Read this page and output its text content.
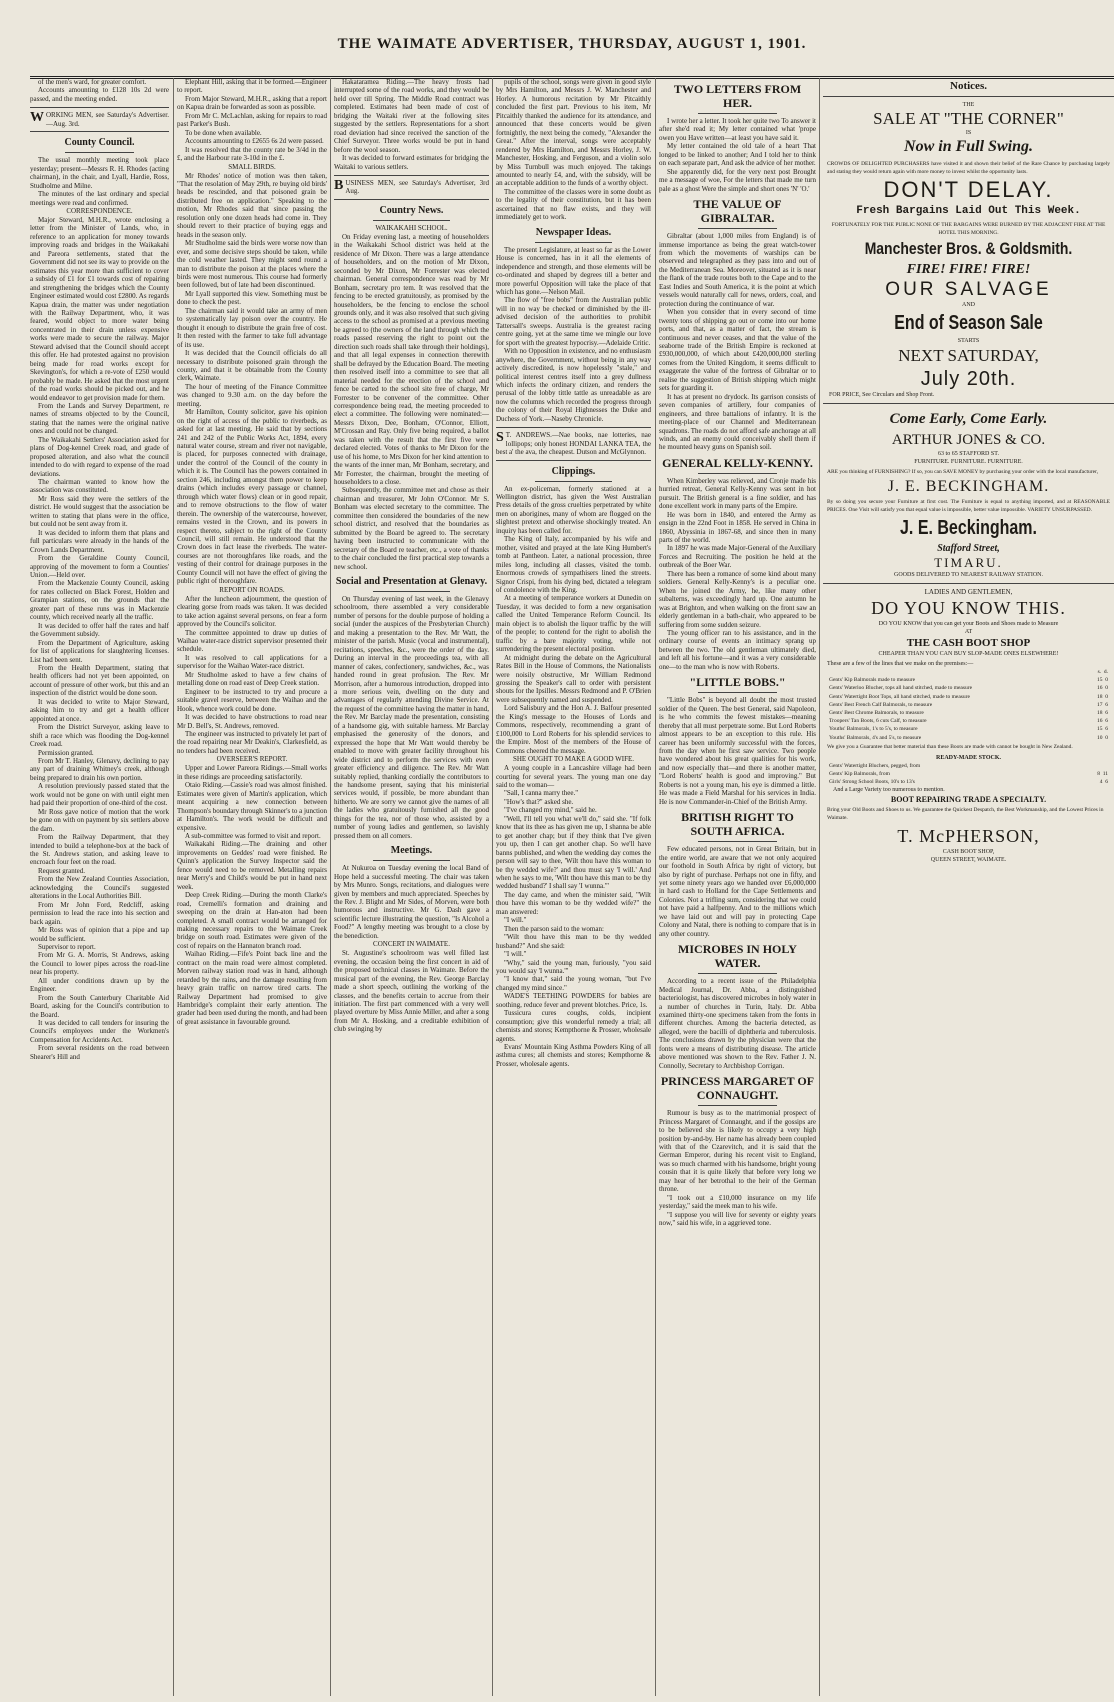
THE WAIMATE ADVERTISER, THURSDAY, AUGUST 1, 1901.
of the men's ward, for greater comfort.
Accounts amounting to £128 10s 2d were passed, and the meeting ended.
WORKING MEN, see Saturday's Advertiser.—Aug. 3rd.
County Council.
The usual monthly meeting took place yesterday; present—Messrs R. H. Rhodes (acting chairman), in the chair, and Lyall, Hardie, Ross, Studholme and Milne.
The minutes of the last ordinary and special meetings were read and confirmed.
CORRESPONDENCE.
Major Steward, M.H.R., wrote enclosing a letter from the Minister of Lands, who, in reference to an application for money towards improving roads and bridges in the Waikakahi and Pareora settlements, stated that the Government did not see its way to provide on the estimates this year more than sufficient to cover a subsidy of £1 for £1 towards cost of repairing and strengthening the bridges which the County Engineer estimated would cost £2800. As regards Kapua drain, the matter was under negotiation with the Railway Department, who, it was feared, would object to more water being concentrated in their drain unless expensive works were made to secure the railway. Major Steward advised that the Council should accept this offer. He had protested against no provision being made for road works except for Skevington's, for which a re-vote of £250 would probably be made. He asked that the most urgent of the road works should be picked out, and he would endeavor to get provision made for them.
From the Lands and Survey Department, re names of streams objected to by the Council, stating that the names were the original native ones and could not be changed.
The Waikakahi Settlers' Association asked for plans of Dog-kennel Creek road, and grade of proposed alteration, and also what the council intended to do with regard to expense of the road deviations.
The chairman wanted to know how the association was constituted.
Mr Ross said they were the settlers of the district. He would suggest that the association be written to stating that plans were in the office, but could not be sent away from it.
It was decided to inform them that plans and full particulars were already in the hands of the Crown Lands Department.
From the Geraldine County Council, approving of the movement to form a Counties' Union.—Held over.
From the Mackenzie County Council, asking for rates collected on Black Forest, Holden and Grampian stations, on the grounds that the greater part of these runs was in Mackenzie county, which received nearly all the traffic.
It was decided to offer half the rates and half the Government subsidy.
From the Department of Agriculture, asking for list of applications for slaughtering licenses. List had been sent.
From the Health Department, stating that health officers had not yet been appointed, on account of pressure of other work, but this and an inspection of the district would be done soon.
It was decided to write to Major Steward, asking him to try and get a health officer appointed at once.
From the District Surveyor, asking leave to shift a race which was flooding the Dog-kennel Creek road.
Permission granted.
From Mr T. Hanley, Glenavy, declining to pay any part of draining Whitney's creek, although being prepared to drain his own portion.
A resolution previously passed stated that the work would not be gone on with until eight men had paid their proportion of one-third of the cost.
Mr Ross gave notice of motion that the work be gone on with on payment by six settlers above the dam.
From the Railway Department, that they intended to build a telephone-box at the back of the St. Andrews station, and asking leave to encroach four feet on the road.
Request granted.
From the New Zealand Counties Association, acknowledging the Council's suggested alterations in the Local Authorities Bill.
From Mr John Ford, Redcliff, asking permission to lead the race into his section and back again.
Mr Ross was of opinion that a pipe and tap would be sufficient.
Supervisor to report.
From Mr G. A. Morris, St Andrews, asking the Council to lower pipes across the road-line near his property.
All under conditions drawn up by the Engineer.
From the South Canterbury Charitable Aid Board, asking for the Council's contribution to the Board.
It was decided to call tenders for insuring the Council's employees under the Workmen's Compensation for Accidents Act.
From several residents on the road between Shearer's Hill and
Elephant Hill, asking that it be formed.—Engineer to report.
From Major Steward, M.H.R., asking that a report on Kapua drain be forwarded as soon as possible.
From Mr C. McLachlan, asking for repairs to road past Parker's Bush.
To be done when available.
Accounts amounting to £2655 6s 2d were passed.
It was resolved that the county rate be 3/4d in the £, and the Harbour rate 3-10d in the £.
SMALL BIRDS.
Mr Rhodes' notice of motion was then taken, "That the resolation of May 29th, re buying old birds' heads be rescinded, and that poisoned grain be distributed free on application." Speaking to the motion, Mr Rhodes said that since passing the resolution only one dozen heads had come in. They should revert to their practice of buying eggs and heads in the season only.
Mr Studholme said the birds were worse now than ever, and some decisive steps should be taken, while the cold weather lasted. They might send round a man to distribute the poison at the places where the birds were most numerous. This course had formerly been followed, but of late had been discontinued.
Mr Lyall supported this view. Something must be done to check the pest.
The chairman said it would take an army of men to systematically lay poison over the country. He thought it enough to distribute the grain free of cost. It then rested with the farmer to take full advantage of its use.
It was decided that the Council officials do all necessary to distribute poisoned grain through the county, and that it be obtainable from the County clerk, Waimate.
The hour of meeting of the Finance Committee was changed to 9.30 a.m. on the day before the meeting.
Mr Hamilton, County solicitor, gave his opinion on the right of access of the public to riverbeds, as asked for at last meeting. He said that by sections 241 and 242 of the Public Works Act, 1894, every natural water course, stream and river not navigable, is placed, for purposes connected with drainage, under the control of the Council of the county in which it is. The Council has the powers contained in section 246, including amongst them power to keep drains (which includes every passage or channel, through which water flows) clean or in good repair, and to remove obstructions to the flow of water therein. The ownership of the watercourse, however, remains vested in the Crown, and its powers in respect thereto, subject to the right of the County Council, will still remain. He understood that the Crown does in fact lease the riverbeds. The water-courses are not thoroughfares like roads, and the vesting of their control for drainage purposes in the County Council will not have the effect of giving the public right of thoroughfare.
REPORT ON ROADS.
After the luncheon adjournment, the question of clearing gorse from roads was taken. It was decided to take action against several persons, on fear a form approved by the Council's solicitor.
The committee appointed to draw up duties of Waihao water-race district supervisor presented their schedule.
It was resolved to call applications for a supervisor for the Waihao Water-race district.
Mr Studholme asked to have a few chains of metalling done on road east of Deep Creek station.
Engineer to be instructed to try and procure a suitable gravel reserve, between the Waihao and the Hook, whence work could be done.
It was decided to have obstructions to road near Mr D. Bell's, St. Andrews, removed.
The engineer was instructed to privately let part of the road repairing near Mr Deakin's, Clarkesfield, as no tenders had been received.
OVERSEER'S REPORT.
Upper and Lower Pareora Ridings.—Small works in these ridings are proceeding satisfactorily.
Otaio Riding.—Cassie's road was almost finished. Estimates were given of Martin's application, which meant acquiring a new connection between Thompson's boundary through Skinner's to a junction at Hamilton's. The work would be difficult and expensive.
A sub-committee was formed to visit and report.
Waikakahi Riding.—The draining and other improvements on Geddes' road were finished. Re Quinn's application the Survey Inspector said the fence would need to be removed. Metalling repairs near Merry's and Child's would be put in hand next week.
Deep Creek Riding.—During the month Clarke's road, Cremelli's formation and draining and sweeping on the drain at Han-aton had been completed. A small contract would be arranged for making necessary repairs to the Waimate Creek bridge on south road. Estimates were given of the cost of repairs on the Hannaton branch road.
Waihao Riding.—Fife's Point back line and the contract on the main road were almost completed. Morven railway station road was in hand, although retarded by the rains, and the damage resulting from heavy grain traffic on narrow tired carts. The Railway Department had promised to give Hambridge's complaint their early attention. The grader had been used during the month, and had been of great assistance in favourable ground.
Hakataramea Riding.—The heavy frosts had interrupted some of the road works, and they would be held over till Spring. The Middle Road contract was completed. Estimates had been made of cost of bridging the Waitaki river at the following sites suggested by the settlers. Representations for a short road deviation had since received the sanction of the Chief Surveyor. Three works would be put in hand before the wool season.
It was decided to forward estimates for bridging the Waitaki to various settlers.
BUSINESS MEN, see Saturday's Advertiser, 3rd Aug.
Country News.
WAIKAKAHI SCHOOL.
On Friday evening last, a meeting of householders in the Waikakahi School district was held at the residence of Mr Dixon. There was a large attendance of householders, and on the motion of Mr Dixon, seconded by Mr Dixon, Mr Forrester was elected chairman. General correspondence was read by Mr Bonham, secretary pro tem. It was resolved that the fencing to be erected gratuitously, as promised by the householders, be the fencing to enclose the school grounds only, and it was also resolved that such giving access to the school as promised at a previous meeting be agreed to (the owners of the land through which the roads passed reserving the right to point out the direction such roads shall take through their holdings), and that all legal expenses in connection therewith shall be defrayed by the Education Board. The meeting then resolved itself into a committee to see that all material needed for the erection of the school and fence be carted to the school site free of charge, Mr Forrester to be convener of the committee. Other correspondence being read, the meeting proceeded to elect a committee. The following were nominated:—Messrs Dixon, Dee, Bonham, O'Connor, Elliott, M'Crossan and Ray. Only five being required, a ballot was taken with the result that the first five were declared elected. Votes of thanks to Mr Dixon for the use of his home, to Mrs Dixon for her kind attention to the wants of the inner man, Mr Bonham, secretary, and Mr Forrester, the chairman, brought the meeting of householders to a close.
Subsequently, the committee met and chose as their chairman and treasurer, Mr John O'Connor. Mr S. Bonham was elected secretary to the committee. The committee then considered the boundaries of the new school district, and resolved that the boundaries as submitted by the Board be agreed to. The secretary having been instructed to communicate with the secretary of the Board re teacher, etc., a vote of thanks to the chair concluded the first practical step towards a new school.
Social and Presentation at Glenavy.
On Thursday evening of last week, in the Glenavy schoolroom, there assembled a very considerable number of persons for the double purpose of holding a social (under the auspices of the Presbyterian Church) and making a presentation to the Rev. Mr Watt, the minister of the parish. Music (vocal and instrumental), recitations, speeches, &c., were the order of the day. During an interval in the proceedings tea, with all manner of cakes, confectionery, sandwiches, &c., was handed round in great profusion. The Rev. Mr Morrison, after a humorous introduction, dropped into a more serious vein, dwelling on the duty and advantages of regularly attending Divine Service. At the request of the committee having the matter in hand, the Rev. Mr Barclay made the presentation, consisting of a handsome gig, with suitable harness. Mr Barclay emphasised the generosity of the donors, and expressed the hope that Mr Watt would thereby be enabled to move with greater facility throughout his wide district and to perform the services with even greater efficiency and diligence. The Rev. Mr Watt suitably replied, thanking cordially the contributors to the handsome present, saying that his ministerial services would, if possible, be more abundant than hitherto. We are sorry we cannot give the names of all the ladies who gratuitously furnished all the good things for the tea, nor of those who, assisted by a number of young ladies and gentlemen, so lavishly pressed them on all comers.
Meetings.
At Nukuroa on Tuesday evening the local Band of Hope held a successful meeting. The chair was taken by Mrs Munro. Songs, recitations, and dialogues were given by members and much appreciated. Speeches by the Rev. J. Blight and Mr Sides, of Morven, were both humorous and instructive. Mr G. Dash gave a scientific lecture illustrating the question, "Is Alcohol a Food?" A lengthy meeting was brought to a close by the benediction.
CONCERT IN WAIMATE.
St. Augustine's schoolroom was well filled last evening, the occasion being the first concert in aid of the proposed technical classes in Waimate. Before the musical part of the evening, the Rev. George Barclay made a short speech, outlining the working of the classes, and the benefits certain to accrue from their initiation. The first part commenced with a very well played overture by Miss Annie Miller, and after a song from Mr A. Hosking, and a creditable exhibition of club swinging by
pupils of the school, songs were given in good style by Mrs Hamilton, and Messrs J. W. Manchester and Horley. A humorous recitation by Mr Pitcaithly concluded the first part. Previous to his item, Mr Pitcaithly thanked the audience for its attendance, and announced that these concerts would be given fortnightly, the next being the comedy, "Alexander the Great." After the interval, songs were acceptably rendered by Mrs Hamilton, and Messrs Horley, J. W. Manchester, Hosking, and Ferguson, and a violin solo by Miss Turnbull was much enjoyed. The takings amounted to nearly £4, and, with the subsidy, will be an acceptable addition to the funds of a worthy object.
The committee of the classes were in some doubt as to the legality of their constitution, but it has been ascertained that no flaw exists, and they will immediately get to work.
Newspaper Ideas.
The present Legislature, at least so far as the Lower House is concerned, has in it all the elements of independence and strength, and those elements will be co-ordinated and shaped by degrees till a better and more powerful Opposition will take the place of that which has gone.—Nelson Mail.
The flow of "free bobs" from the Australian public will in no way be checked or diminished by the ill-advised decision of the authorities to prohibit Tattersall's sweeps. Australia is the greatest racing centre going, yet at the same time we mingle our love for sport with the greatest hypocrisy.—Adelaide Critic.
With no Opposition in existence, and no enthusiasm anywhere, the Government, without being in any way actively discredited, is now hopelessly "stale," and political interest centres itself into a grey dullness which infects the ordinary citizen, and renders the perusal of the lobby tittle tattle as unreadable as are now the columns which recorded the progress through the colony of their Royal Highnesses the Duke and Duchess of York.—Naseby Chronicle.
S T. ANDREWS.—Nae books, nae lotteries, nae lollipops; only honest HONDAI LANKA TEA, the best a' the ava, the cheapest. Dutson and McGlynnon.
Clippings.
An ex-policeman, formerly stationed at a Wellington district, has given the West Australian Press details of the gross cruelties perpetrated by white men on aborigines, many of whom are flogged on the slightest pretext and otherwise shockingly treated. An inquiry has been called for.
The King of Italy, accompanied by his wife and mother, visited and prayed at the late King Humbert's tomb at Pantheon. Later, a national procession, three miles long, including all classes, visited the tomb. Enormous crowds of sympathisers lined the streets. Signor Crispi, from his dying bed, dictated a telegram of condolence with the King.
At a meeting of temperance workers at Dunedin on Tuesday, it was decided to form a new organisation called the United Temperance Reform Council. Its main object is to abolish the liquor traffic by the will of the people; to contend for the right to abolish the traffic by a bare majority voting, while not surrendering the present electoral position.
At midnight during the debate on the Agricultural Rates Bill in the House of Commons, the Nationalists were noisily obstructive, Mr William Redmond grossing the Speaker's call to order with persistent shouts for the Ipsilles. Messrs Redmond and P. O'Brien were subsequently named and suspended.
Lord Salisbury and the Hon A. J. Balfour presented the King's message to the Houses of Lords and Commons, respectively, recommending a grant of £100,000 to Lord Roberts for his splendid services to the Empire. Most of the members of the House of Commons cheered the message.
SHE OUGHT TO MAKE A GOOD WIFE.
A young couple in a Lancashire village had been courting for several years. The young man one day said to the woman—
"Sall, I canna marry thee."
"How's that?" asked she.
"I've changed my mind," said he.
"Well, I'll tell you what we'll do," said she. "If folk know that its thee as has given me up, I shanna be able to get another chap; but if they think that I've given you up, then I can get another chap. So we'll have banns published, and when the wedding day comes the person will say to thee, 'Wilt thou have this woman to be thy wedded wife?' and thou must say 'I will.' And when he says to me, 'Wilt thou have this man to be thy wedded husband?' I shall say 'I wunna.'"
The day came, and when the minister said, "Wilt thou have this woman to be thy wedded wife?" the man answered:
"I will."
Then the parson said to the woman:
"Wilt thou have this man to be thy wedded husband?" And she said:
"I will."
"Why," said the young man, furiously, "you said you would say 'I wunna.'"
"I know that," said the young woman, "but I've changed my mind since."
WADE'S TEETHING POWDERS for babies are soothing, reduce fever and prevent blotches. Price, 1s.
Tussicura cures coughs, colds, incipient consumption; give this wonderful remedy a trial; all chemists and stores; Kempthorne & Prosser, wholesale agents.
Evans' Mountain King Asthma Powders King of all asthma cures; all chemists and stores; Kempthorne & Prosser, wholesale agents.
TWO LETTERS FROM HER.
I wrote her a letter. It took her quite two To answer it after she'd read it; My letter contained what 'prope owen you Have written—at least you have said it.
My letter contained the old tale of a heart That longed to be linked to another; And I told her to think on each separate part, And ask the advice of her mother.
She apparently did, for the very next post Brought me a message of woe, For the letters that made me turn pale as a ghost Were the simple and short ones 'N' 'O.'
THE VALUE OF GIBRALTAR.
Gibraltar (about 1,000 miles from England) is of immense importance as being the great watch-tower from which the movements of warships can be observed and telegraphed as they pass into and out of the Mediterranean Sea. Moreover, situated as it is near the flank of the trade routes both to the Cape and to the East Indies and South America, it is the point at which vessels would naturally call for news, orders, coal, and protection during the continuance of war.
When you consider that in every second of time twenty tons of shipping go out or come into our home ports, and that, as a matter of fact, the stream is continuous and never ceases, and that the value of the seaborne trade of the British Empire is reckoned at £930,000,000, of which about £420,000,000 sterling comes from the United Kingdom, it seems difficult to exaggerate the value of the fortress of Gibraltar or to realise the suggestion of British shipping which might sets for guarding it.
It has at present no drydock. Its garrison consists of seven companies of artillery, four companies of engineers, and three battalions of infantry. It is the meeting-place of our Channel and Mediterranean squadrons. The roads do not afford safe anchorage at all winds, and an enemy could conceivably shell them if he mounted heavy guns on Spanish soil.
GENERAL KELLY-KENNY.
When Kimberley was relieved, and Cronje made his hurried retreat, General Kelly-Kenny was sent in hot pursuit. The British general is a fine soldier, and has done excellent work in many parts of the Empire.
He was born in 1840, and entered the Army as ensign in the 22nd Foot in 1858. He served in China in 1860, Abyssinia in 1867-68, and since then in many parts of the world.
In 1897 he was made Major-General of the Auxiliary Forces and Recruiting. The position he held at the outbreak of the Boer War.
There has been a romance of some kind about many soldiers. General Kelly-Kenny's is a peculiar one. When he joined the Army, he, like many other subalterns, was exceedingly hard up. One autumn he was at Brighton, and when walking on the front saw an elderly gentleman in a bath-chair, who appeared to be suffering from some sudden seizure.
The young officer ran to his assistance, and in the ordinary course of events an intimacy sprang up between the two. The old gentleman ultimately died, and left all his fortune—and it was a very considerable one—to the man who is now with Roberts.
"LITTLE BOBS."
"Little Bobs" is beyond all doubt the most trusted soldier of the Queen. The best General, said Napoleon, is he who commits the fewest mistakes—meaning thereby that all must perpetrate some. But Lord Roberts almost appears to be an exception to this rule. His career has been uniformly successful with the forces, from the day when he first saw service. Two people have wondered about his great qualities for his work, and now especially that—and there is another matter, "Lord Roberts' health is good and improving." But Roberts is not a young man, his eye is dimmed a little. He was made a Field Marshal for his services in India. He is now Commander-in-Chief of the British Army.
BRITISH RIGHT TO SOUTH AFRICA.
Few educated persons, not in Great Britain, but in the entire world, are aware that we not only acquired our foothold in South Africa by right of victory, but also by right of purchase. Perhaps not one in fifty, and yet some ninety years ago we handed over £6,000,000 in hard cash to Holland for the Cape Settlements and Colonies. Not a trifling sum, considering that we could not have paid a halfpenny. And to the millions which we have laid out and will pay in protecting Cape Colony and Natal, there is nothing to compare that is in any other country.
MICROBES IN HOLY WATER.
According to a recent issue of the Philadelphia Medical Journal, Dr. Abba, a distinguished bacteriologist, has discovered microbes in holy water in a number of churches in Turin, Italy. Dr. Abba examined thirty-one specimens taken from the fonts in different churches. Among the bacteria detected, as alleged, were the bacilli of diphtheria and tuberculosis. The conclusions drawn by the physician were that the fonts were a means of distributing disease. The article above mentioned was shown to the Rev. Father J. N. Connolly, Secretary to Archbishop Corrigan.
PRINCESS MARGARET OF CONNAUGHT.
Rumour is busy as to the matrimonial prospect of Princess Margaret of Connaught, and if the gossips are to be believed she is likely to occupy a very high position by-and-by. Her name has already been coupled with that of the Czarevitch, and it is said that the German Emperor, during his recent visit to England, was so much charmed with his handsome, bright young cousin that it is quite likely that before very long we may hear of her betrothal to the heir of the German throne.
"I took out a £10,000 insurance on my life yesterday," said the meek man to his wife.
"I suppose you will live for seventy or eighty years now," said his wife, in a aggrieved tone.
Notices.
THE
SALE AT "THE CORNER"
IS
Now in Full Swing.
CROWDS OF DELIGHTED PURCHASERS have visited it and shown their belief of the Rare Chance by purchasing largely and stating they would return again with more money to invest whilst the opportunity lasts.
DON'T DELAY.
Fresh Bargains Laid Out This Week.
FORTUNATELY FOR THE PUBLIC NONE OF THE BARGAINS WERE BURNED BY THE ADJACENT FIRE AT THE HOTEL THIS MORNING.
Manchester Bros. & Goldsmith.
FIRE! FIRE! FIRE!
OUR SALVAGE
AND
End of Season Sale
STARTS
NEXT SATURDAY,
July 20th.
FOR PRICE, See Circulars and Shop Front.
Come Early, Come Early.
ARTHUR JONES & CO.
63 to 65 STAFFORD ST.
FURNITURE. FURNITURE. FURNITURE.
ARE you thinking of FURNISHING? If so, you can SAVE MONEY by purchasing your order with the local manufacturer,
J. E. BECKINGHAM.
By so doing you secure your Furniture at first cost. The Furniture is equal to anything imported, and at REASONABLE PRICES. One Visit will satisfy you that equal value is impossible, better value impossible. VARIETY UNSURPASSED.
J. E. Beckingham.
Stafford Street,
TIMARU.
GOODS DELIVERED TO NEAREST RAILWAY STATION.
LADIES AND GENTLEMEN,
DO YOU KNOW THIS.
DO YOU KNOW that you can get your Boots and Shoes made to Measure
AT
THE CASH BOOT SHOP
CHEAPER THAN YOU CAN BUY SLOP-MADE ONES ELSEWHERE!
These are a few of the lines that we make on the premises:—
s. d.
Gents' Kip Balmorals made to measure	15 0
Gents' Waterloo Blucher, tops all hand stitched, made to measure	16 0
Gents' Watertight Boot Tops, all hand stitched, made to measure	18 0
Gents' Best French Calf Balmorals, to measure	17 6
Gents' Best Chrome Balmorals, to measure	18 6
Troopers' Tan Boots, 6 cuts Calf, to measure	16 6
Youths' Balmorals, 1's to 5's, to measure	15 6
Youths' Balmorals, 4's and 5's, to measure	10 0
We give you a Guarantee that better material than these Boots are made with cannot be bought in New Zealand.
READY-MADE STOCK.
Gents' Watertight Bluchers, pegged, from

Gents' Kip Balmorals, from	8 11
Girls' Strong School Boots, 10's to 13's	4 6
And a Large Variety too numerous to mention.
BOOT REPAIRING TRADE A SPECIALTY.
Bring your Old Boots and Shoes to us. We guarantee the Quickest Despatch, the Best Workmanship, and the Lowest Prices in Waimate.
T. McPHERSON,
CASH BOOT SHOP,
QUEEN STREET, WAIMATE.
